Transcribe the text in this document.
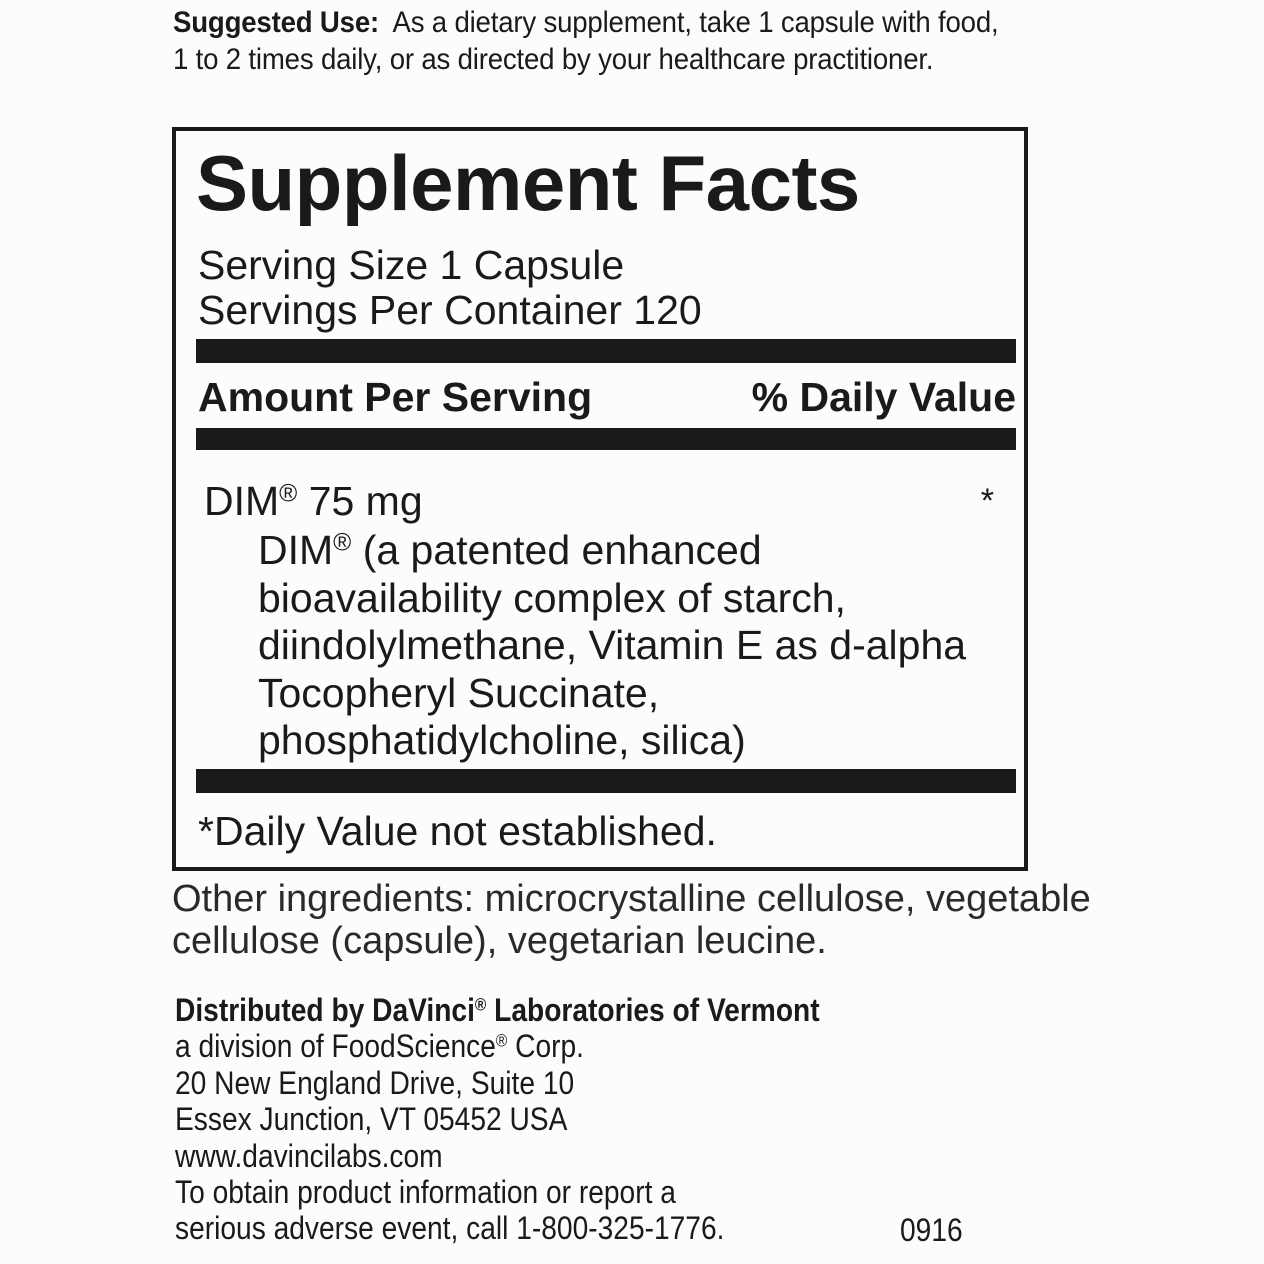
Suggested Use: As a dietary supplement, take 1 capsule with food, 1 to 2 times daily, or as directed by your healthcare practitioner.
Supplement Facts
Serving Size 1 Capsule
Servings Per Container 120
Amount Per Serving	% Daily Value
DIM® 75 mg	*
DIM® (a patented enhanced bioavailability complex of starch, diindolylmethane, Vitamin E as d-alpha Tocopheryl Succinate, phosphatidylcholine, silica)
*Daily Value not established.
Other ingredients: microcrystalline cellulose, vegetable cellulose (capsule), vegetarian leucine.
Distributed by DaVinci® Laboratories of Vermont
a division of FoodScience® Corp.
20 New England Drive, Suite 10
Essex Junction, VT 05452 USA
www.davincilabs.com
To obtain product information or report a
serious adverse event, call 1-800-325-1776.	0916
